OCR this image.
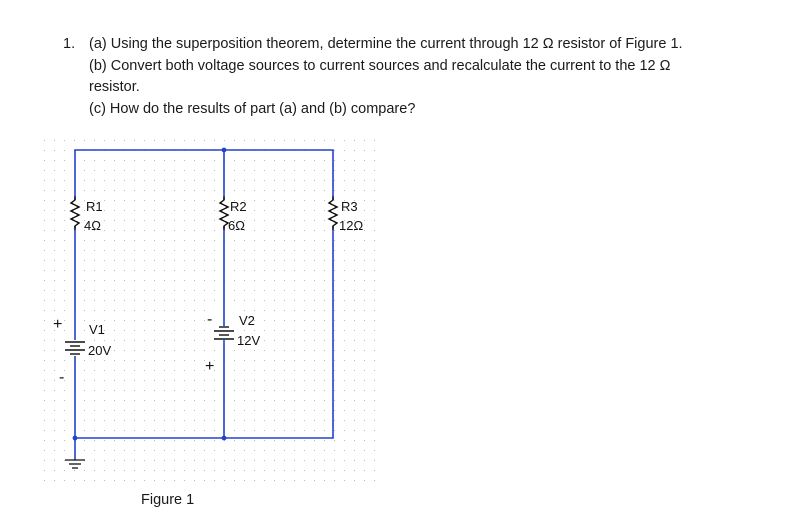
1. (a) Using the superposition theorem, determine the current through 12 Ω resistor of Figure 1.
(b) Convert both voltage sources to current sources and recalculate the current to the 12 Ω
resistor.
(c) How do the results of part (a) and (b) compare?
R1
4Ω
R2
6Ω
R3
12Ω
V1
20V
V2
12V
+
-
-
+
Figure 1
